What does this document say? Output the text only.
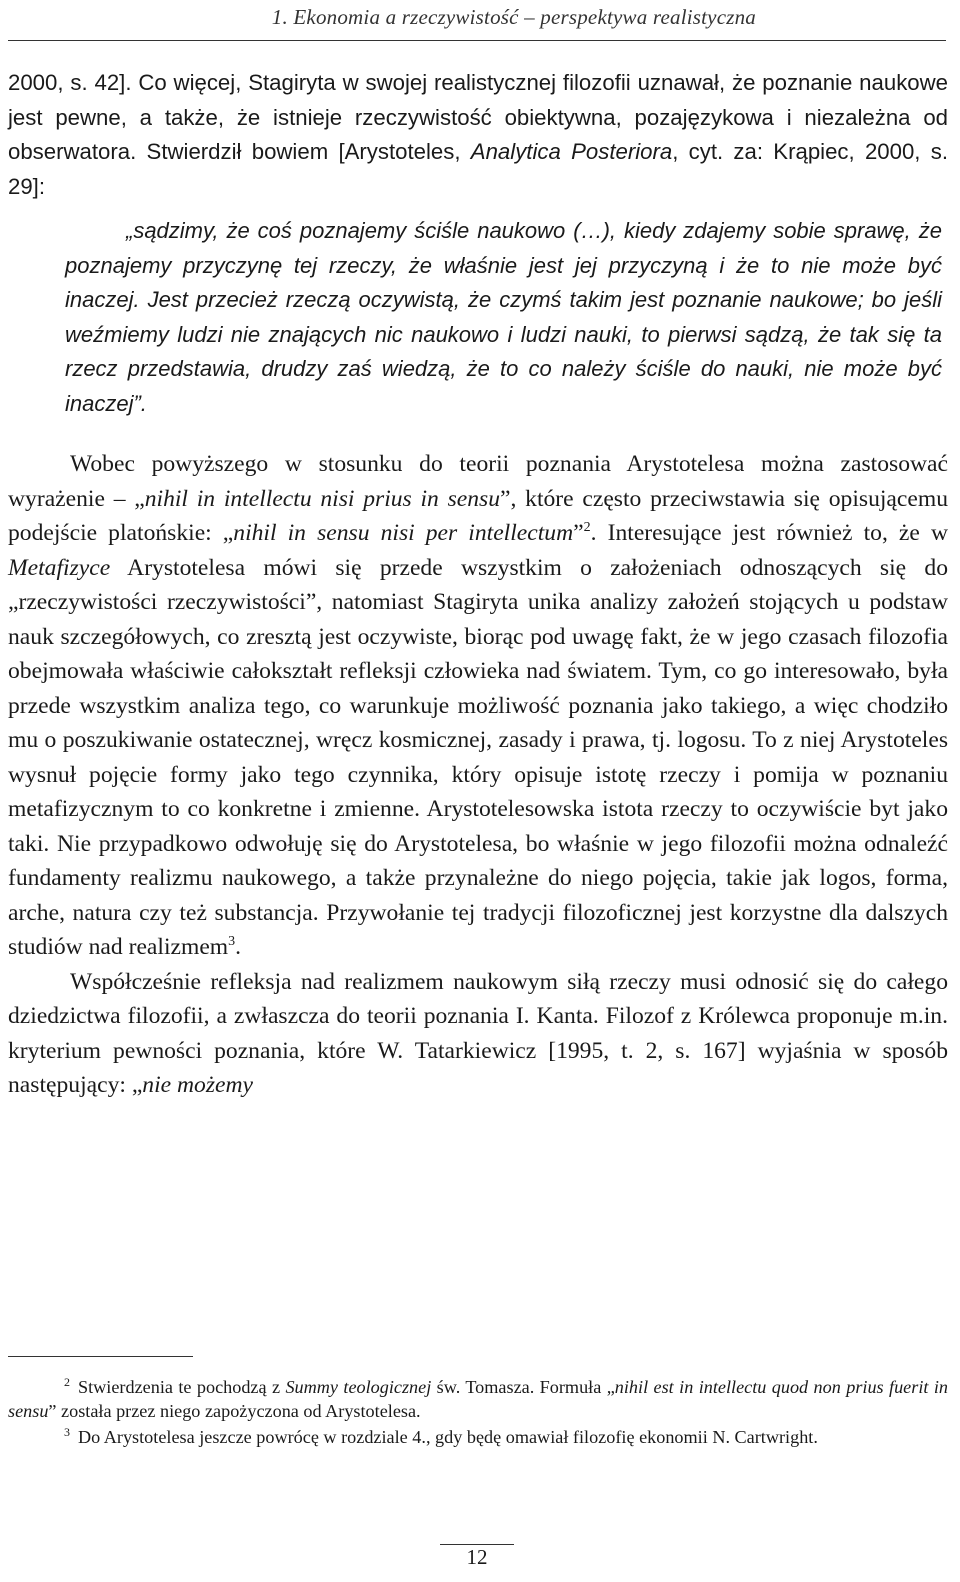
1. Ekonomia a rzeczywistość – perspektywa realistyczna

2000, s. 42]. Co więcej, Stagiryta w swojej realistycznej filozofii uznawał, że poznanie naukowe jest pewne, a także, że istnieje rzeczywistość obiektywna, pozajęzykowa i niezależna od obserwatora. Stwierdził bowiem [Arystoteles, Analytica Posteriora, cyt. za: Krąpiec, 2000, s. 29]:

„sądzimy, że coś poznajemy ściśle naukowo (…), kiedy zdajemy sobie sprawę, że poznajemy przyczynę tej rzeczy, że właśnie jest jej przyczyną i że to nie może być inaczej. Jest przecież rzeczą oczywistą, że czymś takim jest poznanie naukowe; bo jeśli weźmiemy ludzi nie znających nic naukowo i ludzi nauki, to pierwsi sądzą, że tak się ta rzecz przedstawia, drudzy zaś wiedzą, że to co należy ściśle do nauki, nie może być inaczej”.

Wobec powyższego w stosunku do teorii poznania Arystotelesa można zastosować wyrażenie – „nihil in intellectu nisi prius in sensu”, które często przeciwstawia się opisującemu podejście platońskie: „nihil in sensu nisi per intellectum”$^2$. Interesujące jest również to, że w Metafizyce Arystotelesa mówi się przede wszystkim o założeniach odnoszących się do „rzeczywistości rzeczywistości”, natomiast Stagiryta unika analizy założeń stojących u podstaw nauk szczegółowych, co zresztą jest oczywiste, biorąc pod uwagę fakt, że w jego czasach filozofia obejmowała właściwie całokształt refleksji człowieka nad światem. Tym, co go interesowało, była przede wszystkim analiza tego, co warunkuje możliwość poznania jako takiego, a więc chodziło mu o poszukiwanie ostatecznej, wręcz kosmicznej, zasady i prawa, tj. logosu. To z niej Arystoteles wysnuł pojęcie formy jako tego czynnika, który opisuje istotę rzeczy i pomija w poznaniu metafizycznym to co konkretne i zmienne. Arystotelesowska istota rzeczy to oczywiście byt jako taki. Nie przypadkowo odwołuję się do Arystotelesa, bo właśnie w jego filozofii można odnaleźć fundamenty realizmu naukowego, a także przynależne do niego pojęcia, takie jak logos, forma, arche, natura czy też substancja. Przywołanie tej tradycji filozoficznej jest korzystne dla dalszych studiów nad realizmem$^3$.

Współcześnie refleksja nad realizmem naukowym siłą rzeczy musi odnosić się do całego dziedzictwa filozofii, a zwłaszcza do teorii poznania I. Kanta. Filozof z Królewca proponuje m.in. kryterium pewności poznania, które W. Tatarkiewicz [1995, t. 2, s. 167] wyjaśnia w sposób następujący: „nie możemy

$^2$ Stwierdzenia te pochodzą z Summy teologicznej św. Tomasza. Formuła „nihil est in intellectu quod non prius fuerit in sensu” została przez niego zapożyczona od Arystotelesa.

$^3$ Do Arystotelesa jeszcze powrócę w rozdziale 4., gdy będę omawiał filozofię ekonomii N. Cartwright.

12
